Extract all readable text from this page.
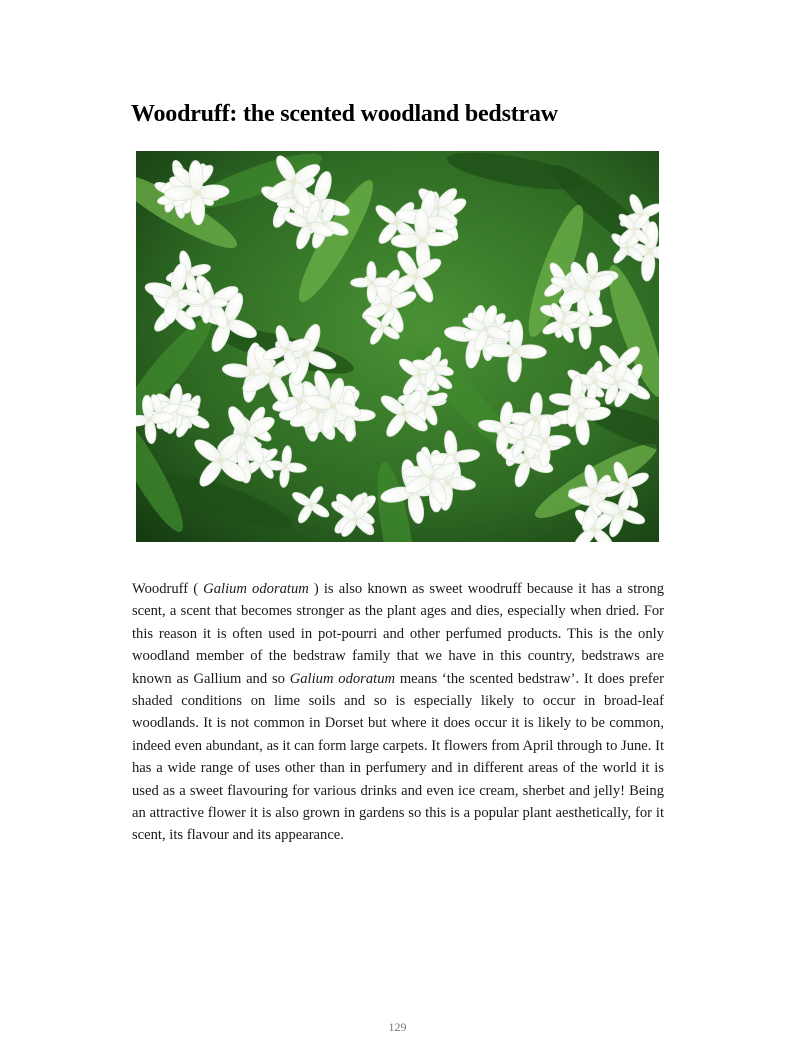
Woodruff: the scented woodland bedstraw

Woodruff ( Galium odoratum ) is also known as sweet woodruff because it has a strong scent, a scent that becomes stronger as the plant ages and dies, especially when dried. For this reason it is often used in pot-pourri and other perfumed products. This is the only woodland member of the bedstraw family that we have in this country, bedstraws are known as Gallium and so Galium odoratum means ‘the scented bedstraw’. It does prefer shaded conditions on lime soils and so is especially likely to occur in broad-leaf woodlands. It is not common in Dorset but where it does occur it is likely to be common, indeed even abundant, as it can form large carpets. It flowers from April through to June. It has a wide range of uses other than in perfumery and in different areas of the world it is used as a sweet flavouring for various drinks and even ice cream, sherbet and jelly! Being an attractive flower it is also grown in gardens so this is a popular plant aesthetically, for it scent, its flavour and its appearance.

129
